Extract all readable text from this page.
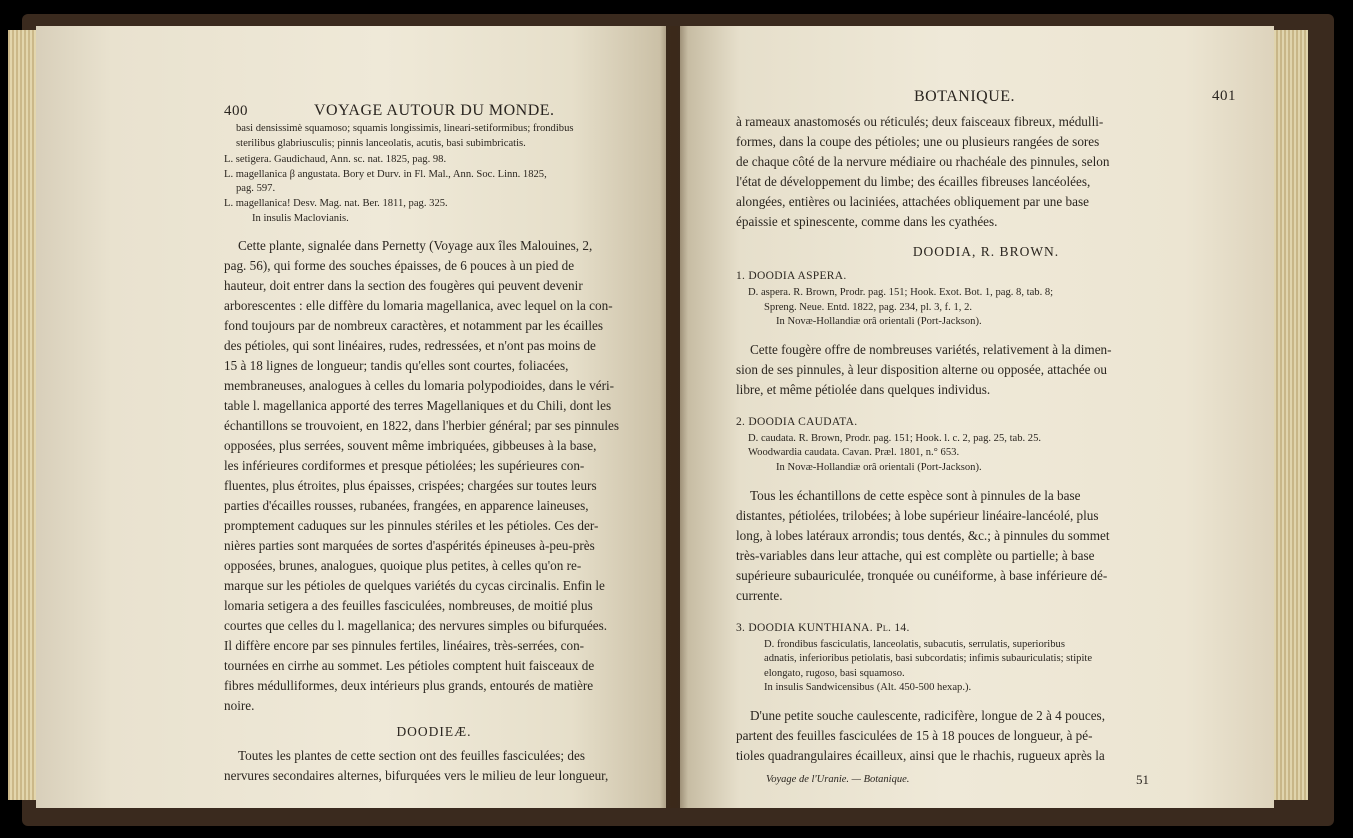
400	VOYAGE AUTOUR DU MONDE.
basi densissimè squamoso; squamis longissimis, lineari-setiformibus; frondibus
sterilibus glabriusculis; pinnis lanceolatis, acutis, basi subimbricatis.
L. setigera. Gaudichaud, Ann. sc. nat. 1825, pag. 98.
L. magellanica β angustata. Bory et Durv. in Fl. Mal., Ann. Soc. Linn. 1825,
pag. 597.
L. magellanica! Desv. Mag. nat. Ber. 1811, pag. 325.
In insulis Maclovianis.
Cette plante, signalée dans Pernetty (Voyage aux îles Malouines, 2,
pag. 56), qui forme des souches épaisses, de 6 pouces à un pied de
hauteur, doit entrer dans la section des fougères qui peuvent devenir
arborescentes : elle diffère du lomaria magellanica, avec lequel on la con-
fond toujours par de nombreux caractères, et notamment par les écailles
des pétioles, qui sont linéaires, rudes, redressées, et n'ont pas moins de
15 à 18 lignes de longueur; tandis qu'elles sont courtes, foliacées,
membraneuses, analogues à celles du lomaria polypodioides, dans le véri-
table l. magellanica apporté des terres Magellaniques et du Chili, dont les
échantillons se trouvoient, en 1822, dans l'herbier général; par ses pinnules
opposées, plus serrées, souvent même imbriquées, gibbeuses à la base,
les inférieures cordiformes et presque pétiolées; les supérieures con-
fluentes, plus étroites, plus épaisses, crispées; chargées sur toutes leurs
parties d'écailles rousses, rubanées, frangées, en apparence laineuses,
promptement caduques sur les pinnules stériles et les pétioles. Ces der-
nières parties sont marquées de sortes d'aspérités épineuses à-peu-près
opposées, brunes, analogues, quoique plus petites, à celles qu'on re-
marque sur les pétioles de quelques variétés du cycas circinalis. Enfin le
lomaria setigera a des feuilles fasciculées, nombreuses, de moitié plus
courtes que celles du l. magellanica; des nervures simples ou bifurquées.
Il diffère encore par ses pinnules fertiles, linéaires, très-serrées, con-
tournées en cirrhe au sommet. Les pétioles comptent huit faisceaux de
fibres médulliformes, deux intérieurs plus grands, entourés de matière
noire.
DOODIEÆ.
Toutes les plantes de cette section ont des feuilles fasciculées; des
nervures secondaires alternes, bifurquées vers le milieu de leur longueur,
BOTANIQUE.	401
à rameaux anastomosés ou réticulés; deux faisceaux fibreux, médulli-
formes, dans la coupe des pétioles; une ou plusieurs rangées de sores
de chaque côté de la nervure médiaire ou rhachéale des pinnules, selon
l'état de développement du limbe; des écailles fibreuses lancéolées,
alongées, entières ou laciniées, attachées obliquement par une base
épaissie et spinescente, comme dans les cyathées.
DOODIA, R. BROWN.
1. DOODIA ASPERA.
D. aspera. R. Brown, Prodr. pag. 151; Hook. Exot. Bot. 1, pag. 8, tab. 8;
Spreng. Neue. Entd. 1822, pag. 234, pl. 3, f. 1, 2.
In Novæ-Hollandiæ orâ orientali (Port-Jackson).
Cette fougère offre de nombreuses variétés, relativement à la dimen-
sion de ses pinnules, à leur disposition alterne ou opposée, attachée ou
libre, et même pétiolée dans quelques individus.
2. DOODIA CAUDATA.
D. caudata. R. Brown, Prodr. pag. 151; Hook. l. c. 2, pag. 25, tab. 25.
Woodwardia caudata. Cavan. Præl. 1801, n.° 653.
In Novæ-Hollandiæ orâ orientali (Port-Jackson).
Tous les échantillons de cette espèce sont à pinnules de la base
distantes, pétiolées, trilobées; à lobe supérieur linéaire-lancéolé, plus
long, à lobes latéraux arrondis; tous dentés, &c.; à pinnules du sommet
très-variables dans leur attache, qui est complète ou partielle; à base
supérieure subauriculée, tronquée ou cunéiforme, à base inférieure dé-
currente.
3. DOODIA KUNTHIANA. Pl. 14.
D. frondibus fasciculatis, lanceolatis, subacutis, serrulatis, superioribus
adnatis, inferioribus petiolatis, basi subcordatis; infimis subauriculatis; stipite
elongato, rugoso, basi squamoso.
In insulis Sandwicensibus (Alt. 450-500 hexap.).
D'une petite souche caulescente, radicifère, longue de 2 à 4 pouces,
partent des feuilles fasciculées de 15 à 18 pouces de longueur, à pé-
tioles quadrangulaires écailleux, ainsi que le rhachis, rugueux après la
Voyage de l'Uranie. — Botanique.	51
